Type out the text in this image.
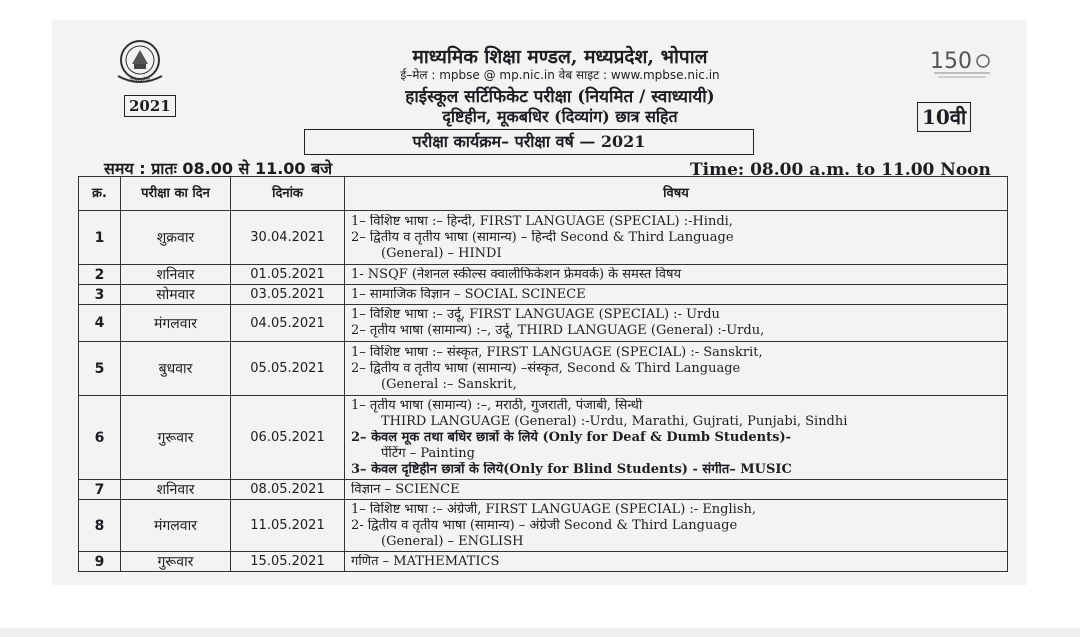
मध्यप्रदेश
150
माध्यमिक शिक्षा मण्डल, मध्यप्रदेश, भोपाल
ई–मेल : mpbse @ mp.nic.in वेब साइट : www.mpbse.nic.in
हाईस्कूल सर्टिफिकेट परीक्षा (नियमित / स्वाध्यायी)
दृष्टिहीन, मूकबधिर (दिव्यांग) छात्र सहित
2021	10वी
परीक्षा कार्यक्रम– परीक्षा वर्ष — 2021
समय : प्रातः 08.00 से 11.00 बजे	Time: 08.00 a.m. to 11.00 Noon
क्र.	परीक्षा का दिन	दिनांक	विषय
1	शुक्रवार	30.04.2021	1– विशिष्ट भाषा :– हिन्दी, FIRST LANGUAGE (SPECIAL) :-Hindi,
2– द्वितीय व तृतीय भाषा (सामान्य) – हिन्दी Second & Third Language
(General) – HINDI

2	शनिवार	01.05.2021	1- NSQF (नेशनल स्कील्स क्वालीफिकेशन फ्रेमवर्क) के समस्त विषय

3	सोमवार	03.05.2021	1– सामाजिक विज्ञान – SOCIAL SCINECE

4	मंगलवार	04.05.2021	1– विशिष्ट भाषा :– उर्दू, FIRST LANGUAGE (SPECIAL) :- Urdu
2– तृतीय भाषा (सामान्य) :–, उर्दू, THIRD LANGUAGE (General) :-Urdu,

5	बुधवार	05.05.2021	1– विशिष्ट भाषा :– संस्कृत, FIRST LANGUAGE (SPECIAL) :- Sanskrit,
2– द्वितीय व तृतीय भाषा (सामान्य) –संस्कृत, Second & Third Language
(General :– Sanskrit,

6	गुरूवार	06.05.2021	1– तृतीय भाषा (सामान्य) :–, मराठी, गुजराती, पंजाबी, सिन्धी
THIRD LANGUAGE (General) :-Urdu, Marathi, Gujrati, Punjabi, Sindhi
2– केवल मूक तथा बधिर छात्रों के लिये (Only for Deaf & Dumb Students)-
पेंटिंग – Painting
3– केवल दृष्टिहीन छात्रों के लिये(Only for Blind Students) - संगीत– MUSIC

7	शनिवार	08.05.2021	विज्ञान – SCIENCE

8	मंगलवार	11.05.2021	1– विशिष्ट भाषा :– अंग्रेजी, FIRST LANGUAGE (SPECIAL) :- English,
2- द्वितीय व तृतीय भाषा (सामान्य) – अंग्रेजी Second & Third Language
(General) – ENGLISH

9	गुरूवार	15.05.2021	गणित – MATHEMATICS
